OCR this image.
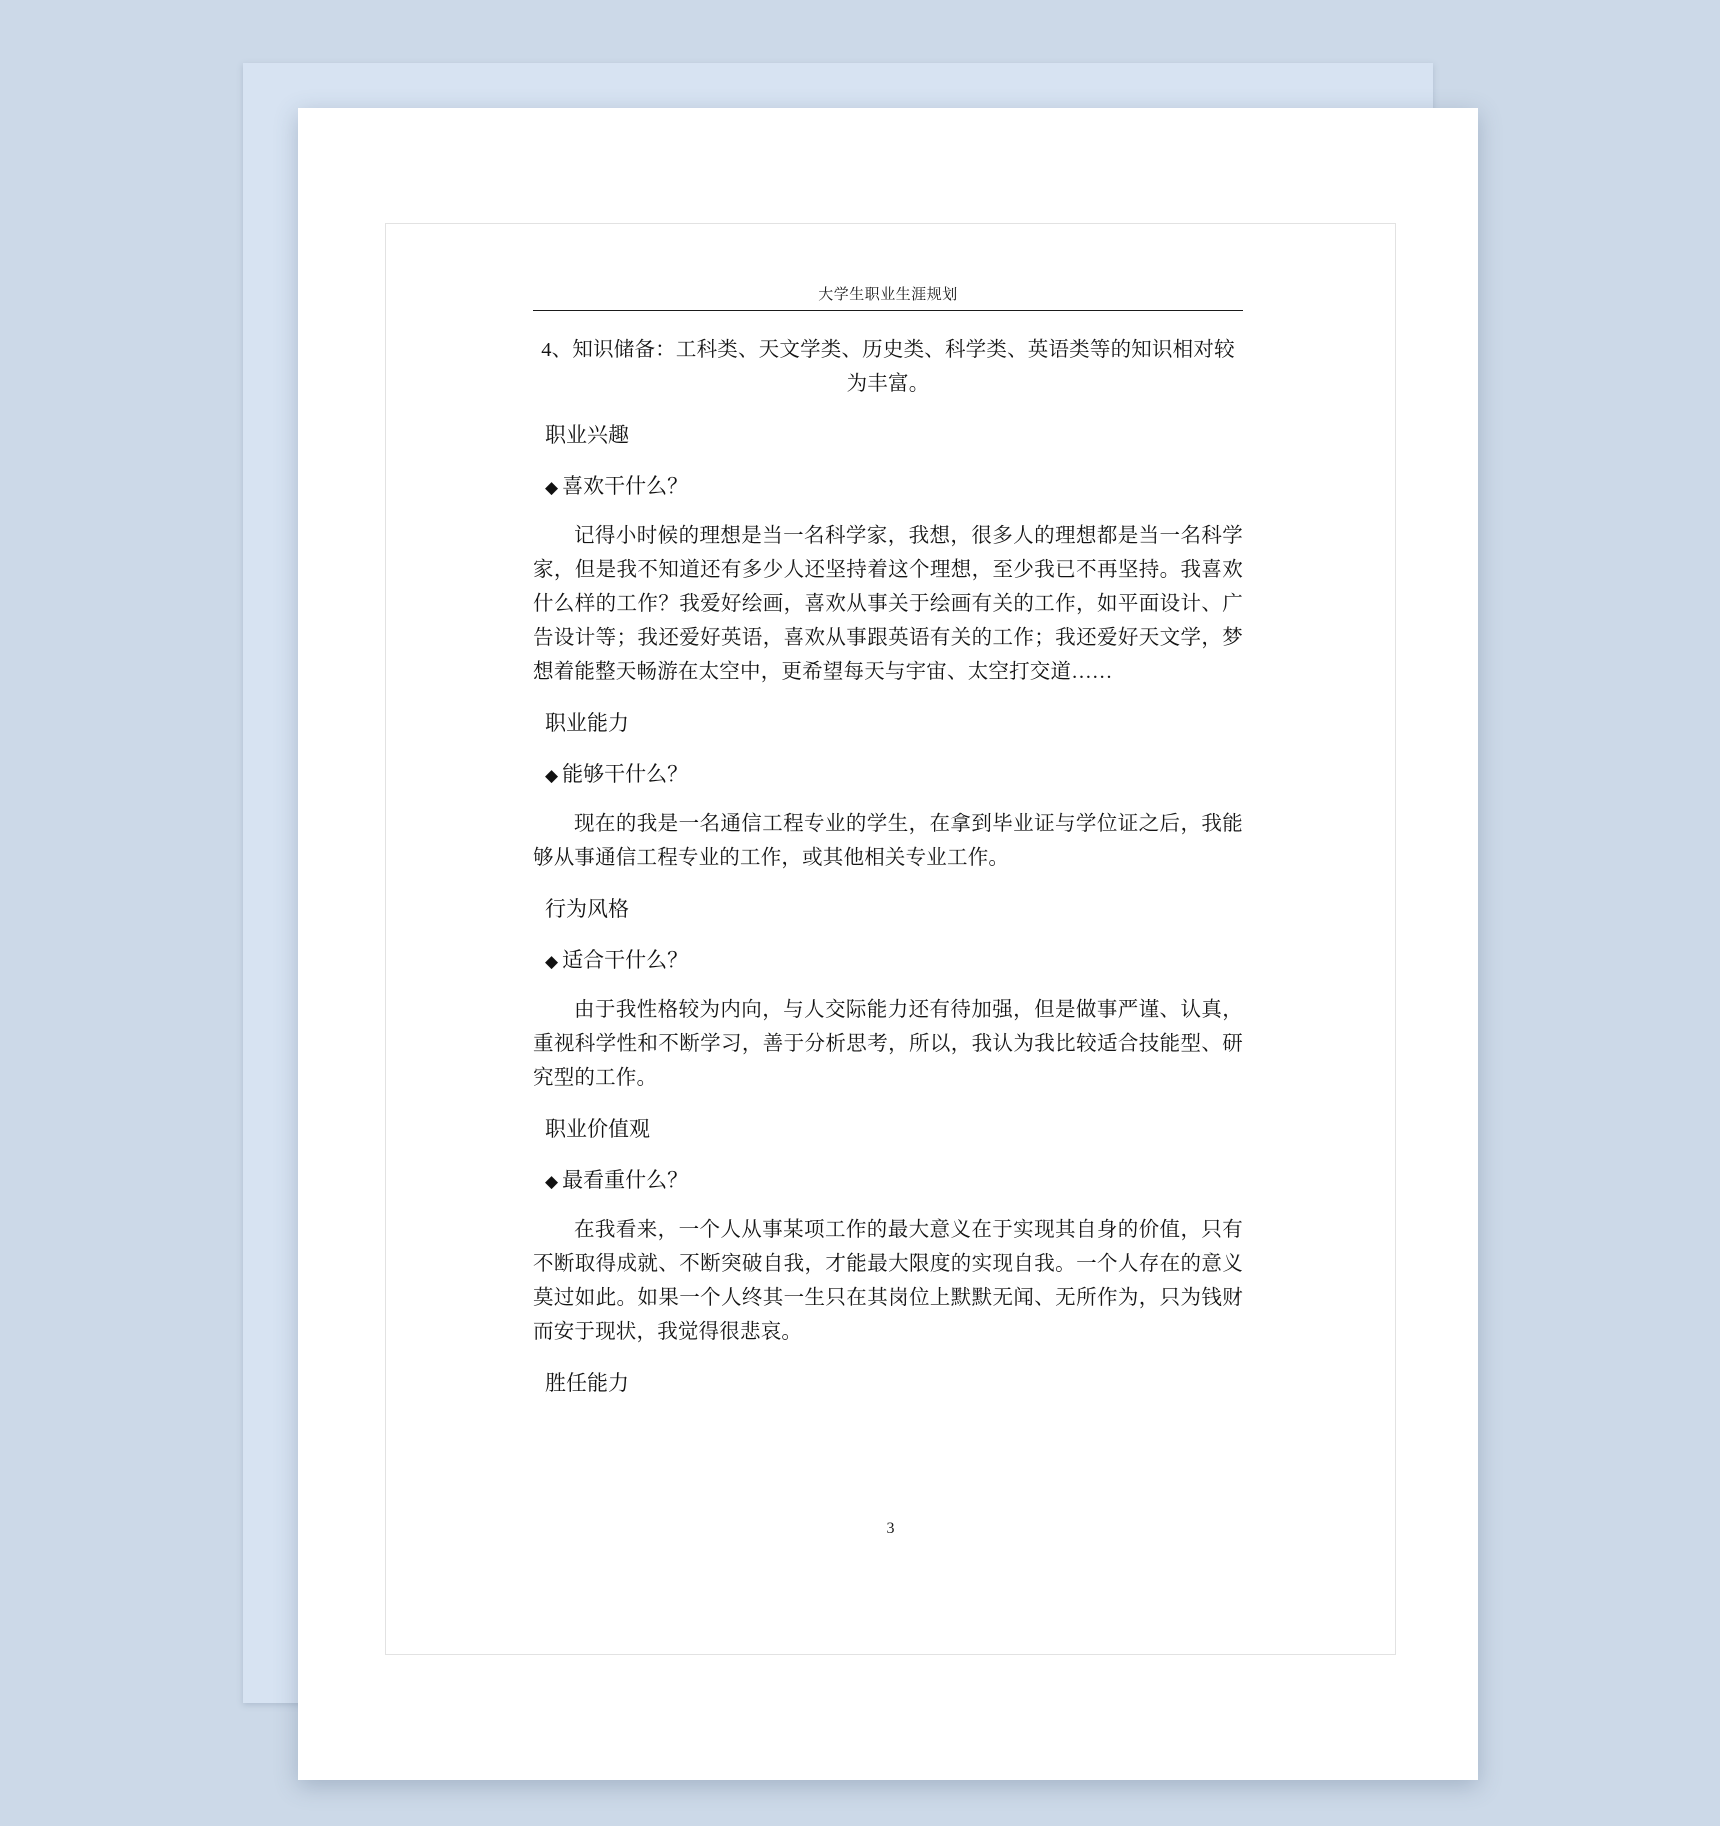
大学生职业生涯规划

4、知识储备：工科类、天文学类、历史类、科学类、英语类等的知识相对较为丰富。

职业兴趣
◆ 喜欢干什么？

记得小时候的理想是当一名科学家，我想，很多人的理想都是当一名科学家，但是我不知道还有多少人还坚持着这个理想，至少我已不再坚持。我喜欢什么样的工作？我爱好绘画，喜欢从事关于绘画有关的工作，如平面设计、广告设计等；我还爱好英语，喜欢从事跟英语有关的工作；我还爱好天文学，梦想着能整天畅游在太空中，更希望每天与宇宙、太空打交道……

职业能力
◆ 能够干什么？

现在的我是一名通信工程专业的学生，在拿到毕业证与学位证之后，我能够从事通信工程专业的工作，或其他相关专业工作。

行为风格
◆ 适合干什么？

由于我性格较为内向，与人交际能力还有待加强，但是做事严谨、认真，重视科学性和不断学习，善于分析思考，所以，我认为我比较适合技能型、研究型的工作。

职业价值观
◆ 最看重什么？

在我看来，一个人从事某项工作的最大意义在于实现其自身的价值，只有不断取得成就、不断突破自我，才能最大限度的实现自我。一个人存在的意义莫过如此。如果一个人终其一生只在其岗位上默默无闻、无所作为，只为钱财而安于现状，我觉得很悲哀。

胜任能力
3
